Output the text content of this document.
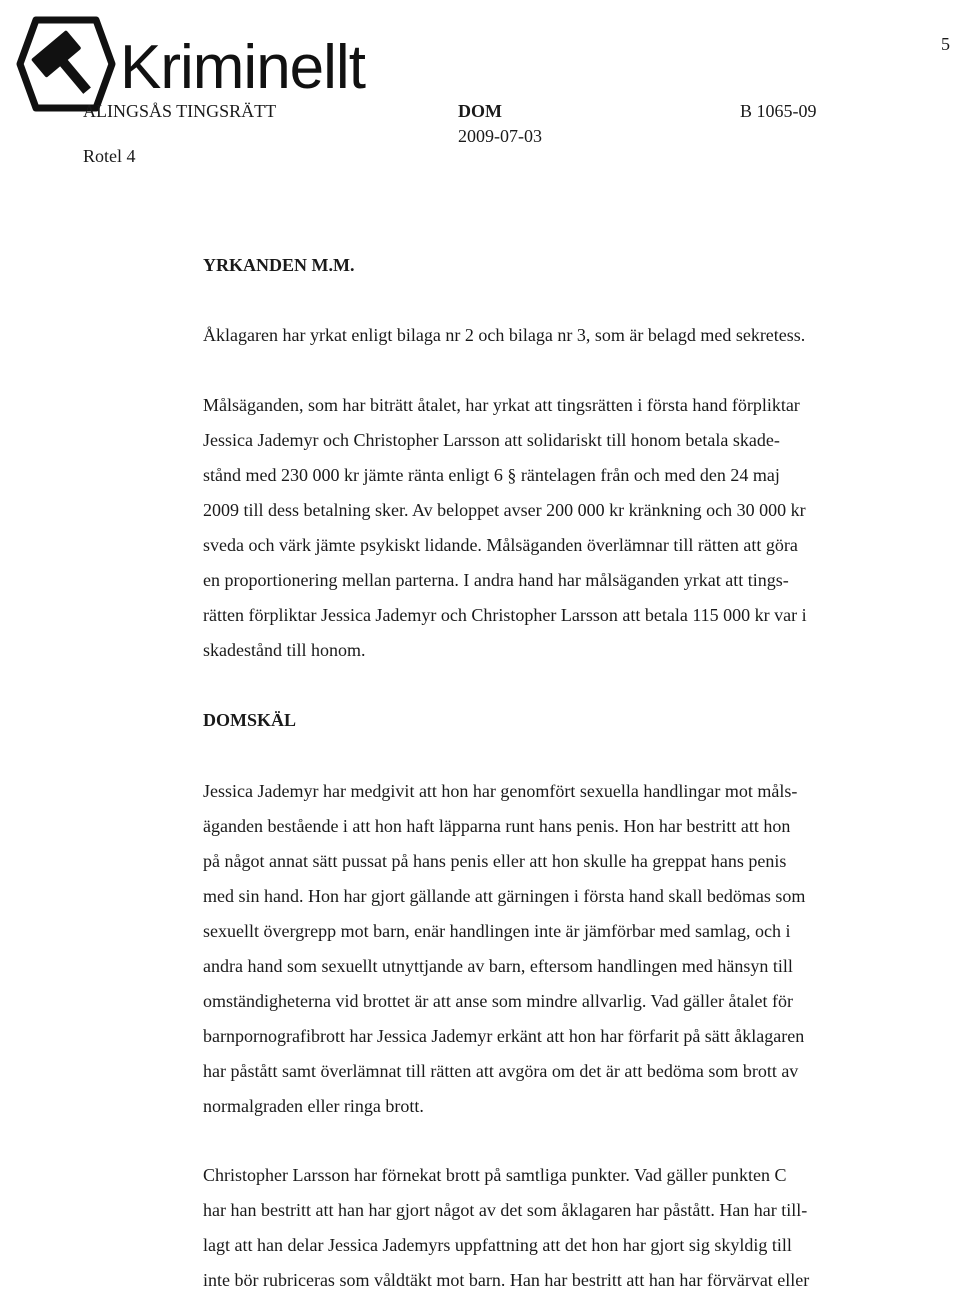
Kriminellt	5
ALINGSÅS TINGSRÄTT	DOM	B 1065-09
2009-07-03
Rotel 4

YRKANDEN M.M.

Åklagaren har yrkat enligt bilaga nr 2 och bilaga nr 3, som är belagd med sekretess.

Målsäganden, som har biträtt åtalet, har yrkat att tingsrätten i första hand förpliktar
Jessica Jademyr och Christopher Larsson att solidariskt till honom betala skade-
stånd med 230 000 kr jämte ränta enligt 6 § räntelagen från och med den 24 maj
2009 till dess betalning sker. Av beloppet avser 200 000 kr kränkning och 30 000 kr
sveda och värk jämte psykiskt lidande. Målsäganden överlämnar till rätten att göra
en proportionering mellan parterna. I andra hand har målsäganden yrkat att tings-
rätten förpliktar Jessica Jademyr och Christopher Larsson att betala 115 000 kr var i
skadestånd till honom.

DOMSKÄL

Jessica Jademyr har medgivit att hon har genomfört sexuella handlingar mot måls-
äganden bestående i att hon haft läpparna runt hans penis. Hon har bestritt att hon
på något annat sätt pussat på hans penis eller att hon skulle ha greppat hans penis
med sin hand. Hon har gjort gällande att gärningen i första hand skall bedömas som
sexuellt övergrepp mot barn, enär handlingen inte är jämförbar med samlag, och i
andra hand som sexuellt utnyttjande av barn, eftersom handlingen med hänsyn till
omständigheterna vid brottet är att anse som mindre allvarlig. Vad gäller åtalet för
barnpornografibrott har Jessica Jademyr erkänt att hon har förfarit på sätt åklagaren
har påstått samt överlämnat till rätten att avgöra om det är att bedöma som brott av
normalgraden eller ringa brott.

Christopher Larsson har förnekat brott på samtliga punkter. Vad gäller punkten C
har han bestritt att han har gjort något av det som åklagaren har påstått. Han har till-
lagt att han delar Jessica Jademyrs uppfattning att det hon har gjort sig skyldig till
inte bör rubriceras som våldtäkt mot barn. Han har bestritt att han har förvärvat eller
